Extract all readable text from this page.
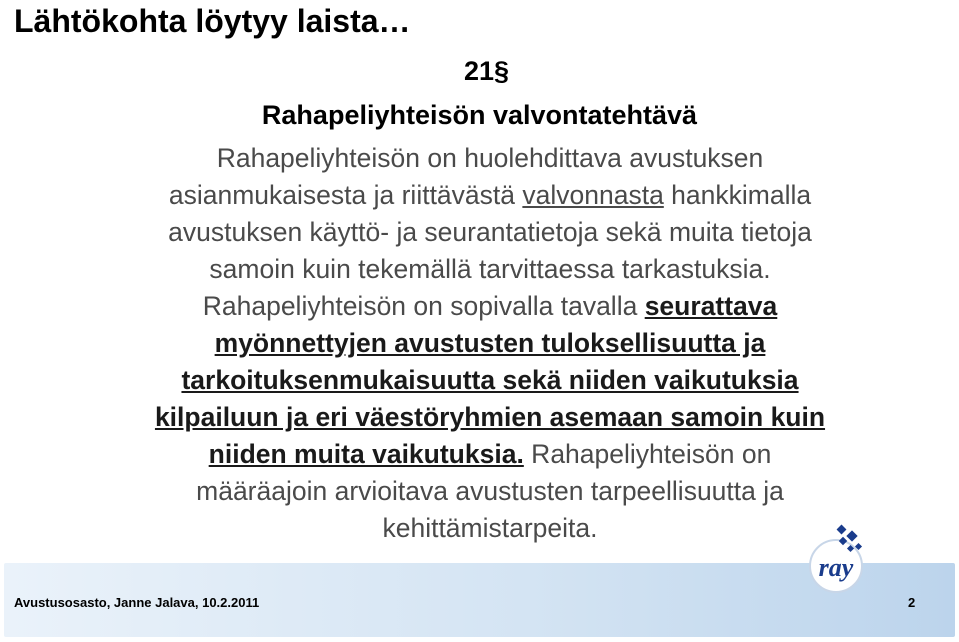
Lähtökohta löytyy laista…
21§
Rahapeliyhteisön valvontatehtävä
Rahapeliyhteisön on huolehdittava avustuksen
asianmukaisesta ja riittävästä valvonnasta hankkimalla
avustuksen käyttö- ja seurantatietoja sekä muita tietoja
samoin kuin tekemällä tarvittaessa tarkastuksia.
Rahapeliyhteisön on sopivalla tavalla seurattava
myönnettyjen avustusten tuloksellisuutta ja
tarkoituksenmukaisuutta sekä niiden vaikutuksia
kilpailuun ja eri väestöryhmien asemaan samoin kuin
niiden muita vaikutuksia. Rahapeliyhteisön on
määräajoin arvioitava avustusten tarpeellisuutta ja
kehittämistarpeita.
ray
Avustusosasto, Janne Jalava, 10.2.2011	2
